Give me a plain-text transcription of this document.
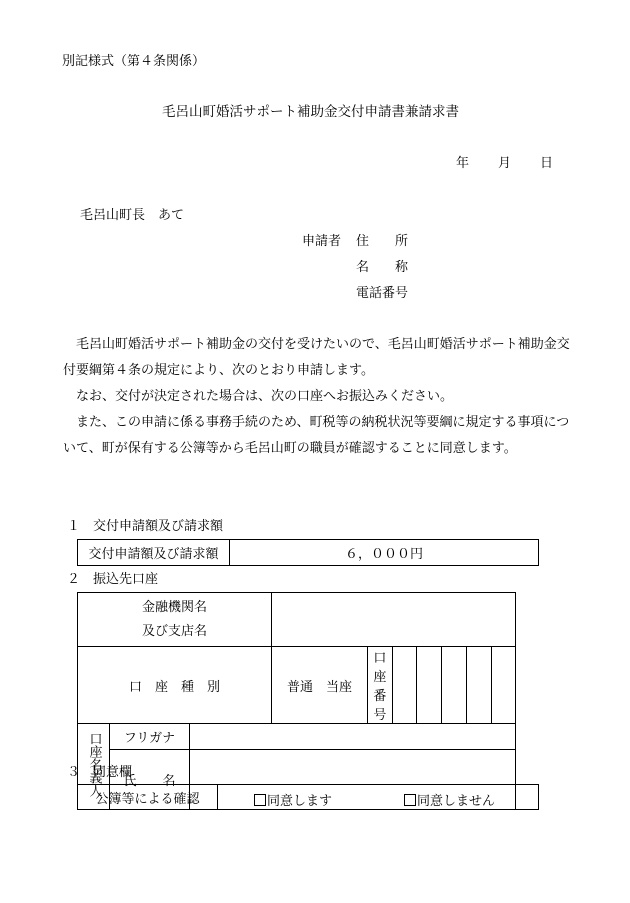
別記様式（第４条関係）
毛呂山町婚活サポート補助金交付申請書兼請求書
年 月 日
毛呂山町長　あて
申請者 住　　所
名　　称
電話番号

毛呂山町婚活サポート補助金の交付を受けたいので、毛呂山町婚活サポート補助金交付要綱第４条の規定により、次のとおり申請します。

なお、交付が決定された場合は、次の口座へお振込みください。

また、この申請に係る事務手続のため、町税等の納税状況等要綱に規定する事項について、町が保有する公簿等から毛呂山町の職員が確認することに同意します。

１　交付申請額及び請求額
交付申請額及び請求額	６，０００円
２　振込先口座
金融機関名
及び支店名									

口　座　種　別			普通　当座	口 座 番 号					
口座名義人	フリガナ								
	氏　　名								
３　同意欄
公簿等による確認	同意します	同意しません
